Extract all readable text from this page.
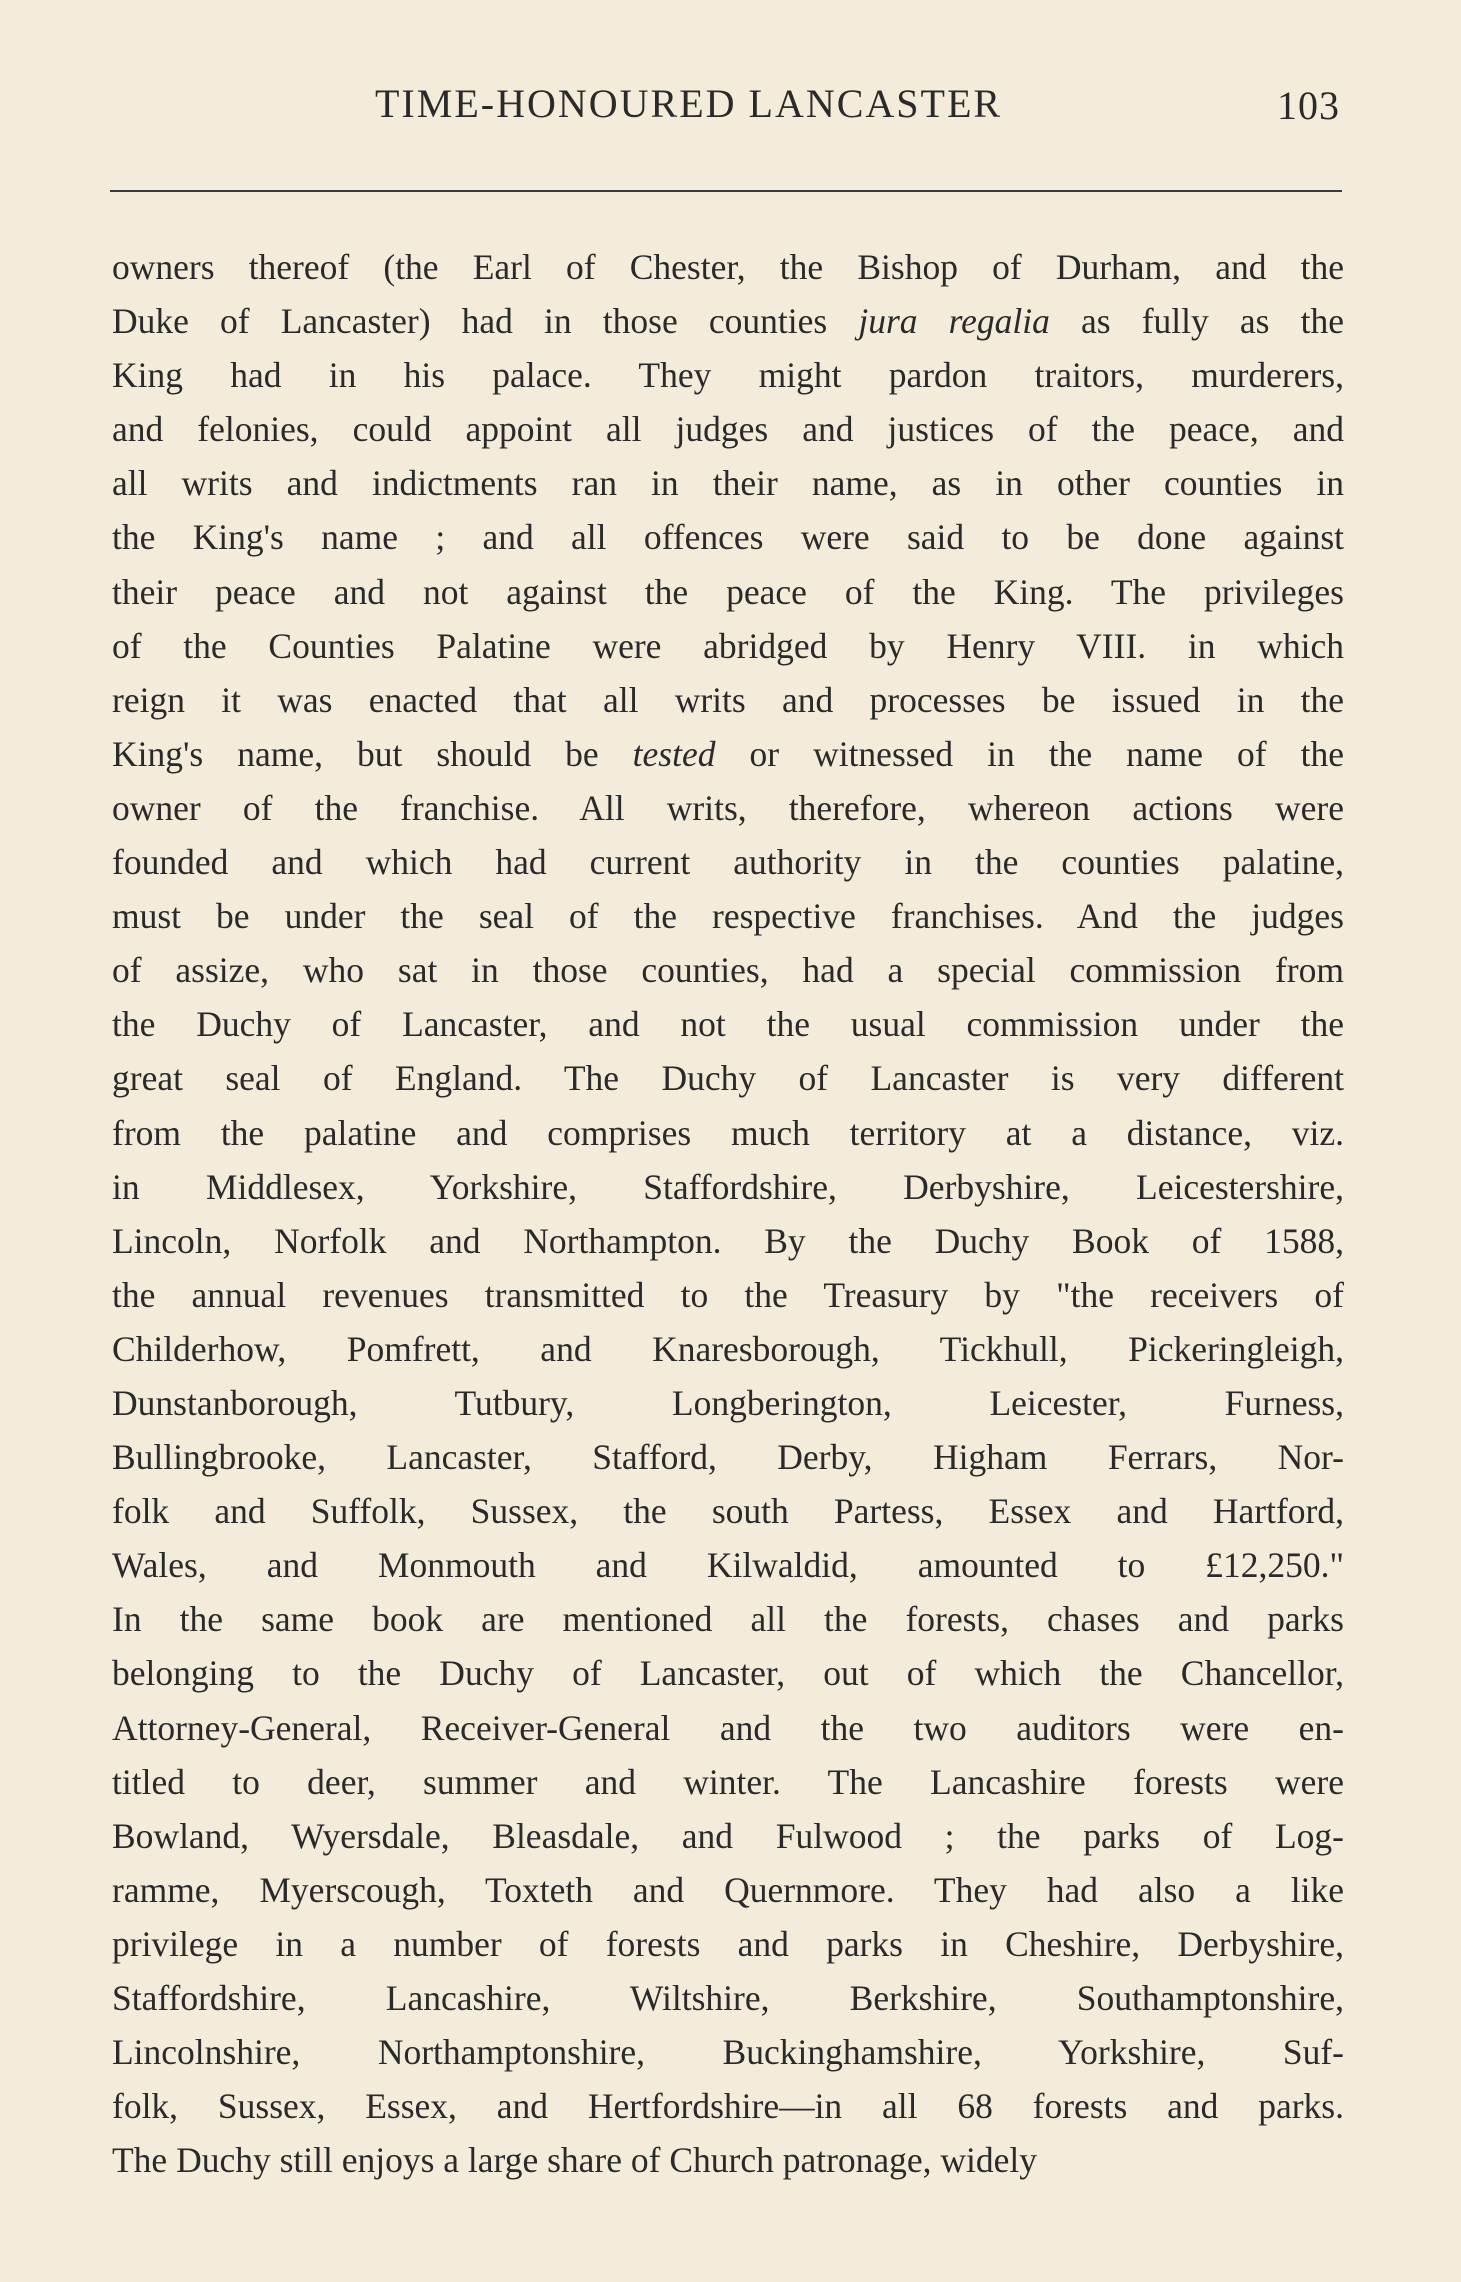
TIME-HONOURED LANCASTER	103
owners thereof (the Earl of Chester, the Bishop of Durham, and the
Duke of Lancaster) had in those counties jura regalia as fully as the
King had in his palace. They might pardon traitors, murderers,
and felonies, could appoint all judges and justices of the peace, and
all writs and indictments ran in their name, as in other counties in
the King's name ; and all offences were said to be done against
their peace and not against the peace of the King. The privileges
of the Counties Palatine were abridged by Henry VIII. in which
reign it was enacted that all writs and processes be issued in the
King's name, but should be tested or witnessed in the name of the
owner of the franchise. All writs, therefore, whereon actions were
founded and which had current authority in the counties palatine,
must be under the seal of the respective franchises. And the judges
of assize, who sat in those counties, had a special commission from
the Duchy of Lancaster, and not the usual commission under the
great seal of England. The Duchy of Lancaster is very different
from the palatine and comprises much territory at a distance, viz.
in Middlesex, Yorkshire, Staffordshire, Derbyshire, Leicestershire,
Lincoln, Norfolk and Northampton. By the Duchy Book of 1588,
the annual revenues transmitted to the Treasury by "the receivers of
Childerhow, Pomfrett, and Knaresborough, Tickhull, Pickeringleigh,
Dunstanborough, Tutbury, Longberington, Leicester, Furness,
Bullingbrooke, Lancaster, Stafford, Derby, Higham Ferrars, Nor-
folk and Suffolk, Sussex, the south Partess, Essex and Hartford,
Wales, and Monmouth and Kilwaldid, amounted to £12,250."
In the same book are mentioned all the forests, chases and parks
belonging to the Duchy of Lancaster, out of which the Chancellor,
Attorney-General, Receiver-General and the two auditors were en-
titled to deer, summer and winter. The Lancashire forests were
Bowland, Wyersdale, Bleasdale, and Fulwood ; the parks of Log-
ramme, Myerscough, Toxteth and Quernmore. They had also a like
privilege in a number of forests and parks in Cheshire, Derbyshire,
Staffordshire, Lancashire, Wiltshire, Berkshire, Southamptonshire,
Lincolnshire, Northamptonshire, Buckinghamshire, Yorkshire, Suf-
folk, Sussex, Essex, and Hertfordshire—in all 68 forests and parks.
The Duchy still enjoys a large share of Church patronage, widely
